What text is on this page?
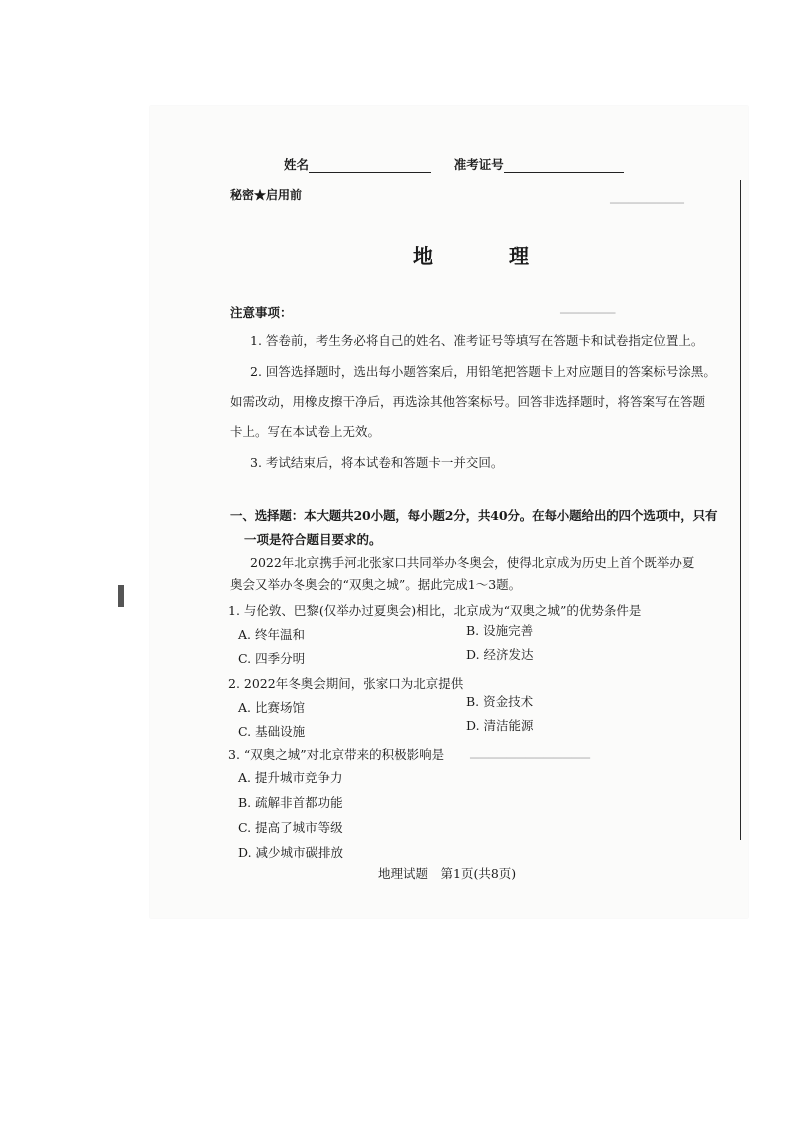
▁▁▁▁▁▁▁▁
▁▁▁▁▁▁
▁▁▁▁▁▁▁▁▁▁▁▁▁
姓名	准考证号
秘密★启用前
地　理
注意事项：
1. 答卷前，考生务必将自己的姓名、准考证号等填写在答题卡和试卷指定位置上。
2. 回答选择题时，选出每小题答案后，用铅笔把答题卡上对应题目的答案标号涂黑。
如需改动，用橡皮擦干净后，再选涂其他答案标号。回答非选择题时，将答案写在答题
卡上。写在本试卷上无效。
3. 考试结束后，将本试卷和答题卡一并交回。
一、选择题：本大题共20小题，每小题2分，共40分。在每小题给出的四个选项中，只有
一项是符合题目要求的。
2022年北京携手河北张家口共同举办冬奥会，使得北京成为历史上首个既举办夏
奥会又举办冬奥会的“双奥之城”。据此完成1～3题。
1. 与伦敦、巴黎(仅举办过夏奥会)相比，北京成为“双奥之城”的优势条件是
A. 终年温和	B. 设施完善
C. 四季分明	D. 经济发达
2. 2022年冬奥会期间，张家口为北京提供
A. 比赛场馆	B. 资金技术
C. 基础设施	D. 清洁能源
3. “双奥之城”对北京带来的积极影响是
A. 提升城市竞争力
B. 疏解非首都功能
C. 提高了城市等级
D. 减少城市碳排放
地理试题　第1页(共8页)
